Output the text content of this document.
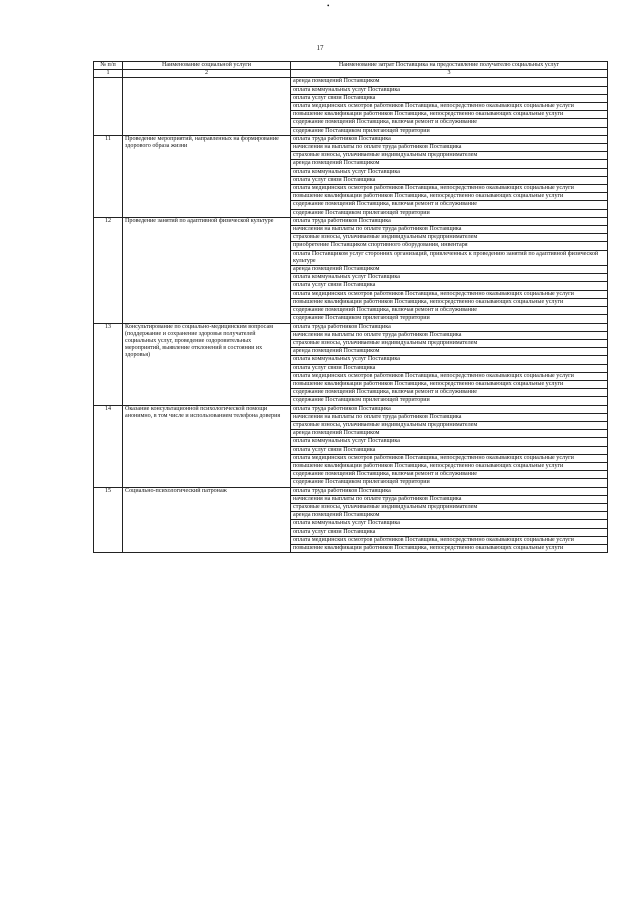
•
17
№ п/п	Наименование социальной услуги	Наименование затрат Поставщика на предоставление получателю социальных услуг
1	2	3
		аренда помещений Поставщиком
		оплата коммунальных услуг Поставщика
		оплата услуг связи Поставщика
		оплата медицинских осмотров работников Поставщика, непосредственно оказывающих социальные услуги
		повышение квалификации работников Поставщика, непосредственно оказывающих социальные услуги
		содержание помещений Поставщика, включая ремонт и обслуживание
		содержание Поставщиком прилегающей территории
11	Проведение мероприятий, направленных на формирование здорового образа жизни	оплата труда работников Поставщика
		начисления на выплаты по оплате труда работников Поставщика
		страховые взносы, уплачиваемые индивидуальным предпринимателем
		аренда помещений Поставщиком
		оплата коммунальных услуг Поставщика
		оплата услуг связи Поставщика
		оплата медицинских осмотров работников Поставщика, непосредственно оказывающих социальные услуги
		повышение квалификации работников Поставщика, непосредственно оказывающих социальные услуги
		содержание помещений Поставщика, включая ремонт и обслуживание
		содержание Поставщиком прилегающей территории
12	Проведение занятий по адаптивной физической культуре	оплата труда работников Поставщика
		начисления на выплаты по оплате труда работников Поставщика
		страховые взносы, уплачиваемые индивидуальным предпринимателем
		приобретение Поставщиком спортивного оборудования, инвентаря
		оплата Поставщиком услуг сторонних организаций, привлеченных к проведению занятий по адаптивной физической культуре
		аренда помещений Поставщиком
		оплата коммунальных услуг Поставщика
		оплата услуг связи Поставщика
		оплата медицинских осмотров работников Поставщика, непосредственно оказывающих социальные услуги
		повышение квалификации работников Поставщика, непосредственно оказывающих социальные услуги
		содержание помещений Поставщика, включая ремонт и обслуживание
		содержание Поставщиком прилегающей территории
13	Консультирование по социально-медицинским вопросам (поддержание и сохранение здоровья получателей социальных услуг, проведение оздоровительных мероприятий, выявление отклонений в состоянии их здоровья)	оплата труда работников Поставщика
		начисления на выплаты по оплате труда работников Поставщика
		страховые взносы, уплачиваемые индивидуальным предпринимателем
		аренда помещений Поставщиком
		оплата коммунальных услуг Поставщика
		оплата услуг связи Поставщика
		оплата медицинских осмотров работников Поставщика, непосредственно оказывающих социальные услуги
		повышение квалификации работников Поставщика, непосредственно оказывающих социальные услуги
		содержание помещений Поставщика, включая ремонт и обслуживание
		содержание Поставщиком прилегающей территории
14	Оказание консультационной психологической помощи анонимно, в том числе и использованием телефона доверия	оплата труда работников Поставщика
		начисления на выплаты по оплате труда работников Поставщика
		страховые взносы, уплачиваемые индивидуальным предпринимателем
		аренда помещений Поставщиком
		оплата коммунальных услуг Поставщика
		оплата услуг связи Поставщика
		оплата медицинских осмотров работников Поставщика, непосредственно оказывающих социальные услуги
		повышение квалификации работников Поставщика, непосредственно оказывающих социальные услуги
		содержание помещений Поставщика, включая ремонт и обслуживание
		содержание Поставщиком прилегающей территории
15	Социально-психологический патронаж	оплата труда работников Поставщика
		начисления на выплаты по оплате труда работников Поставщика
		страховые взносы, уплачиваемые индивидуальным предпринимателем
		аренда помещений Поставщиком
		оплата коммунальных услуг Поставщика
		оплата услуг связи Поставщика
		оплата медицинских осмотров работников Поставщика, непосредственно оказывающих социальные услуги
		повышение квалификации работников Поставщика, непосредственно оказывающих социальные услуги
